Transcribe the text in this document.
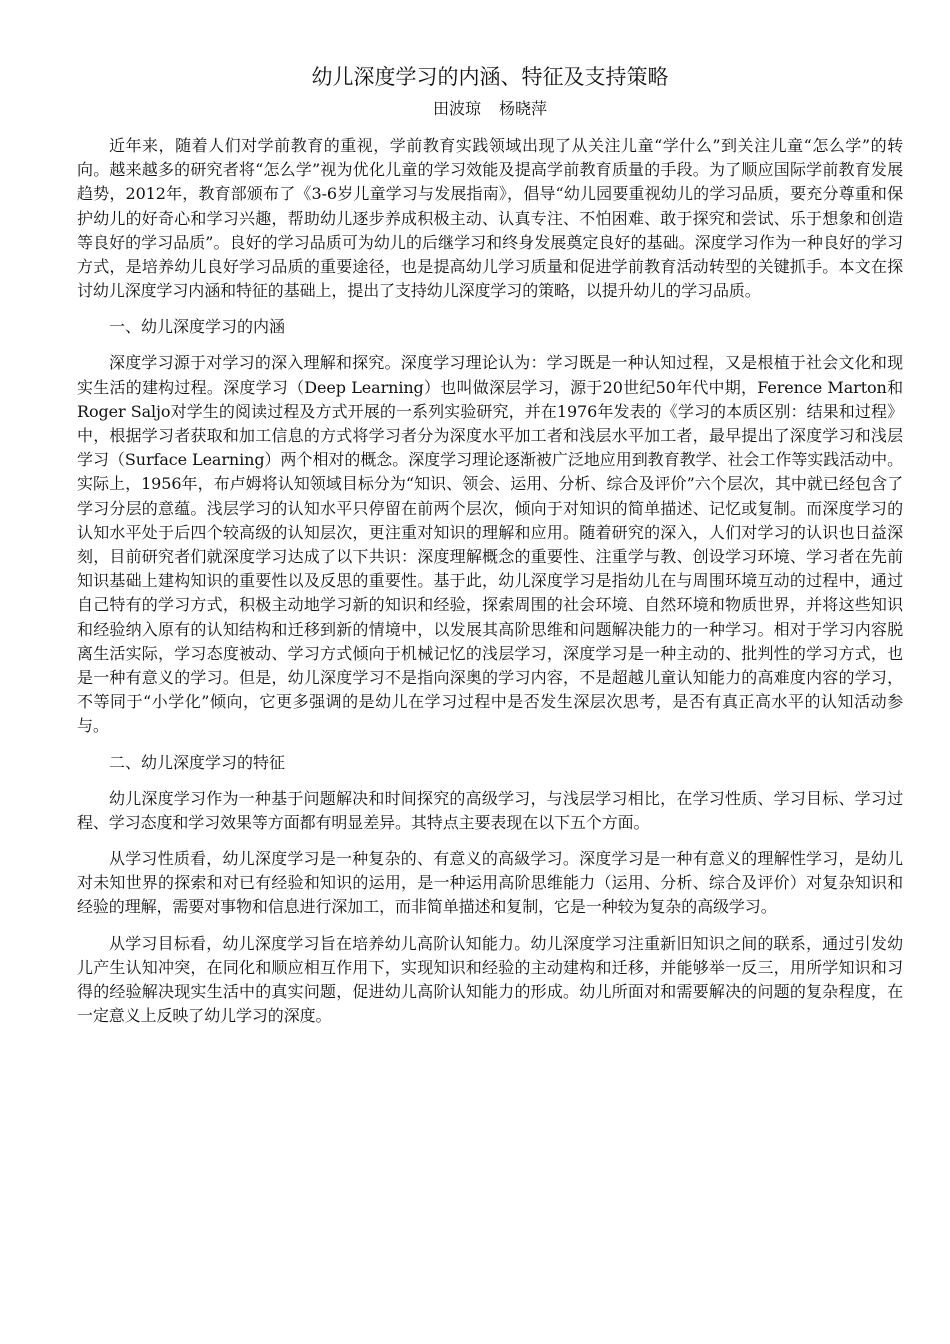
幼儿深度学习的内涵、特征及支持策略
田波琼 杨晓萍

近年来，随着人们对学前教育的重视，学前教育实践领域出现了从关注儿童“学什么”到关注儿童“怎么学”的转向。越来越多的研究者将“怎么学”视为优化儿童的学习效能及提高学前教育质量的手段。为了顺应国际学前教育发展趋势，2012年，教育部颁布了《3-6岁儿童学习与发展指南》，倡导“幼儿园要重视幼儿的学习品质，要充分尊重和保护幼儿的好奇心和学习兴趣，帮助幼儿逐步养成积极主动、认真专注、不怕困难、敢于探究和尝试、乐于想象和创造等良好的学习品质”。良好的学习品质可为幼儿的后继学习和终身发展奠定良好的基础。深度学习作为一种良好的学习方式，是培养幼儿良好学习品质的重要途径，也是提高幼儿学习质量和促进学前教育活动转型的关键抓手。本文在探讨幼儿深度学习内涵和特征的基础上，提出了支持幼儿深度学习的策略，以提升幼儿的学习品质。

一、幼儿深度学习的内涵

深度学习源于对学习的深入理解和探究。深度学习理论认为：学习既是一种认知过程，又是根植于社会文化和现实生活的建构过程。深度学习（Deep Learning）也叫做深层学习，源于20世纪50年代中期，Ference Marton和Roger Saljo对学生的阅读过程及方式开展的一系列实验研究，并在1976年发表的《学习的本质区别：结果和过程》中，根据学习者获取和加工信息的方式将学习者分为深度水平加工者和浅层水平加工者，最早提出了深度学习和浅层学习（Surface Learning）两个相对的概念。深度学习理论逐渐被广泛地应用到教育教学、社会工作等实践活动中。实际上，1956年，布卢姆将认知领域目标分为“知识、领会、运用、分析、综合及评价”六个层次，其中就已经包含了学习分层的意蕴。浅层学习的认知水平只停留在前两个层次，倾向于对知识的简单描述、记忆或复制。而深度学习的认知水平处于后四个较高级的认知层次，更注重对知识的理解和应用。随着研究的深入，人们对学习的认识也日益深刻，目前研究者们就深度学习达成了以下共识：深度理解概念的重要性、注重学与教、创设学习环境、学习者在先前知识基础上建构知识的重要性以及反思的重要性。基于此，幼儿深度学习是指幼儿在与周围环境互动的过程中，通过自己特有的学习方式，积极主动地学习新的知识和经验，探索周围的社会环境、自然环境和物质世界，并将这些知识和经验纳入原有的认知结构和迁移到新的情境中，以发展其高阶思维和问题解决能力的一种学习。相对于学习内容脱离生活实际，学习态度被动、学习方式倾向于机械记忆的浅层学习，深度学习是一种主动的、批判性的学习方式，也是一种有意义的学习。但是，幼儿深度学习不是指向深奥的学习内容，不是超越儿童认知能力的高难度内容的学习，不等同于“小学化”倾向，它更多强调的是幼儿在学习过程中是否发生深层次思考，是否有真正高水平的认知活动参与。

二、幼儿深度学习的特征

幼儿深度学习作为一种基于问题解决和时间探究的高级学习，与浅层学习相比，在学习性质、学习目标、学习过程、学习态度和学习效果等方面都有明显差异。其特点主要表现在以下五个方面。

从学习性质看，幼儿深度学习是一种复杂的、有意义的高級学习。深度学习是一种有意义的理解性学习，是幼儿对未知世界的探索和对已有经验和知识的运用，是一种运用高阶思维能力（运用、分析、综合及评价）对复杂知识和经验的理解，需要对事物和信息进行深加工，而非简单描述和复制，它是一种较为复杂的高级学习。

从学习目标看，幼儿深度学习旨在培养幼儿高阶认知能力。幼儿深度学习注重新旧知识之间的联系，通过引发幼儿产生认知冲突，在同化和顺应相互作用下，实现知识和经验的主动建构和迁移，并能够举一反三，用所学知识和习得的经验解决现实生活中的真实问题，促进幼儿高阶认知能力的形成。幼儿所面对和需要解决的问题的复杂程度，在一定意义上反映了幼儿学习的深度。
